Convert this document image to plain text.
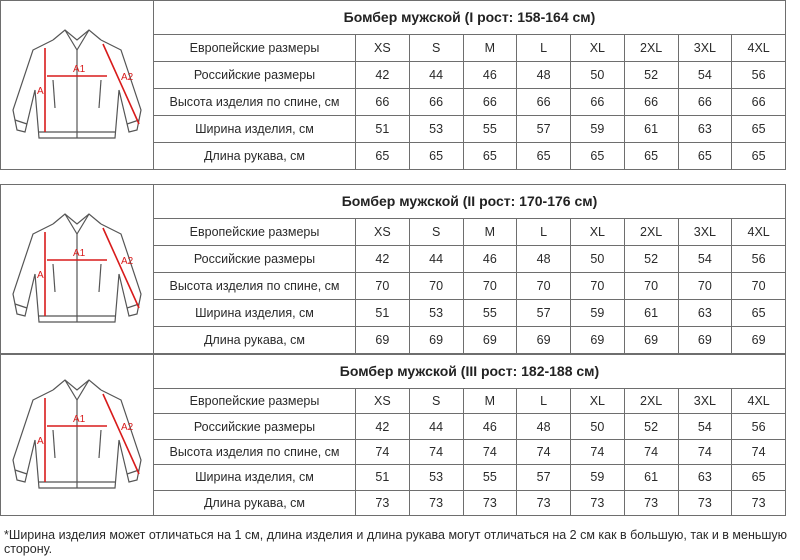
A
A1
A2
Бомбер мужской (I рост: 158-164 см)
Европейские размеры	XS	S	M	L	XL	2XL	3XL	4XL
Российские размеры	42	44	46	48	50	52	54	56
Высота изделия по спине, см	66	66	66	66	66	66	66	66
Ширина изделия, см	51	53	55	57	59	61	63	65
Длина рукава, см	65	65	65	65	65	65	65	65
A
A1
A2
Бомбер мужской (II рост: 170-176 см)
Европейские размеры	XS	S	M	L	XL	2XL	3XL	4XL
Российские размеры	42	44	46	48	50	52	54	56
Высота изделия по спине, см	70	70	70	70	70	70	70	70
Ширина изделия, см	51	53	55	57	59	61	63	65
Длина рукава, см	69	69	69	69	69	69	69	69
A
A1
A2
Бомбер мужской (III рост: 182-188 см)
Европейские размеры	XS	S	M	L	XL	2XL	3XL	4XL
Российские размеры	42	44	46	48	50	52	54	56
Высота изделия по спине, см	74	74	74	74	74	74	74	74
Ширина изделия, см	51	53	55	57	59	61	63	65
Длина рукава, см	73	73	73	73	73	73	73	73
*Ширина изделия может отличаться на 1 см, длина изделия и длина рукава могут отличаться на 2 см как в большую, так и в меньшую сторону.
